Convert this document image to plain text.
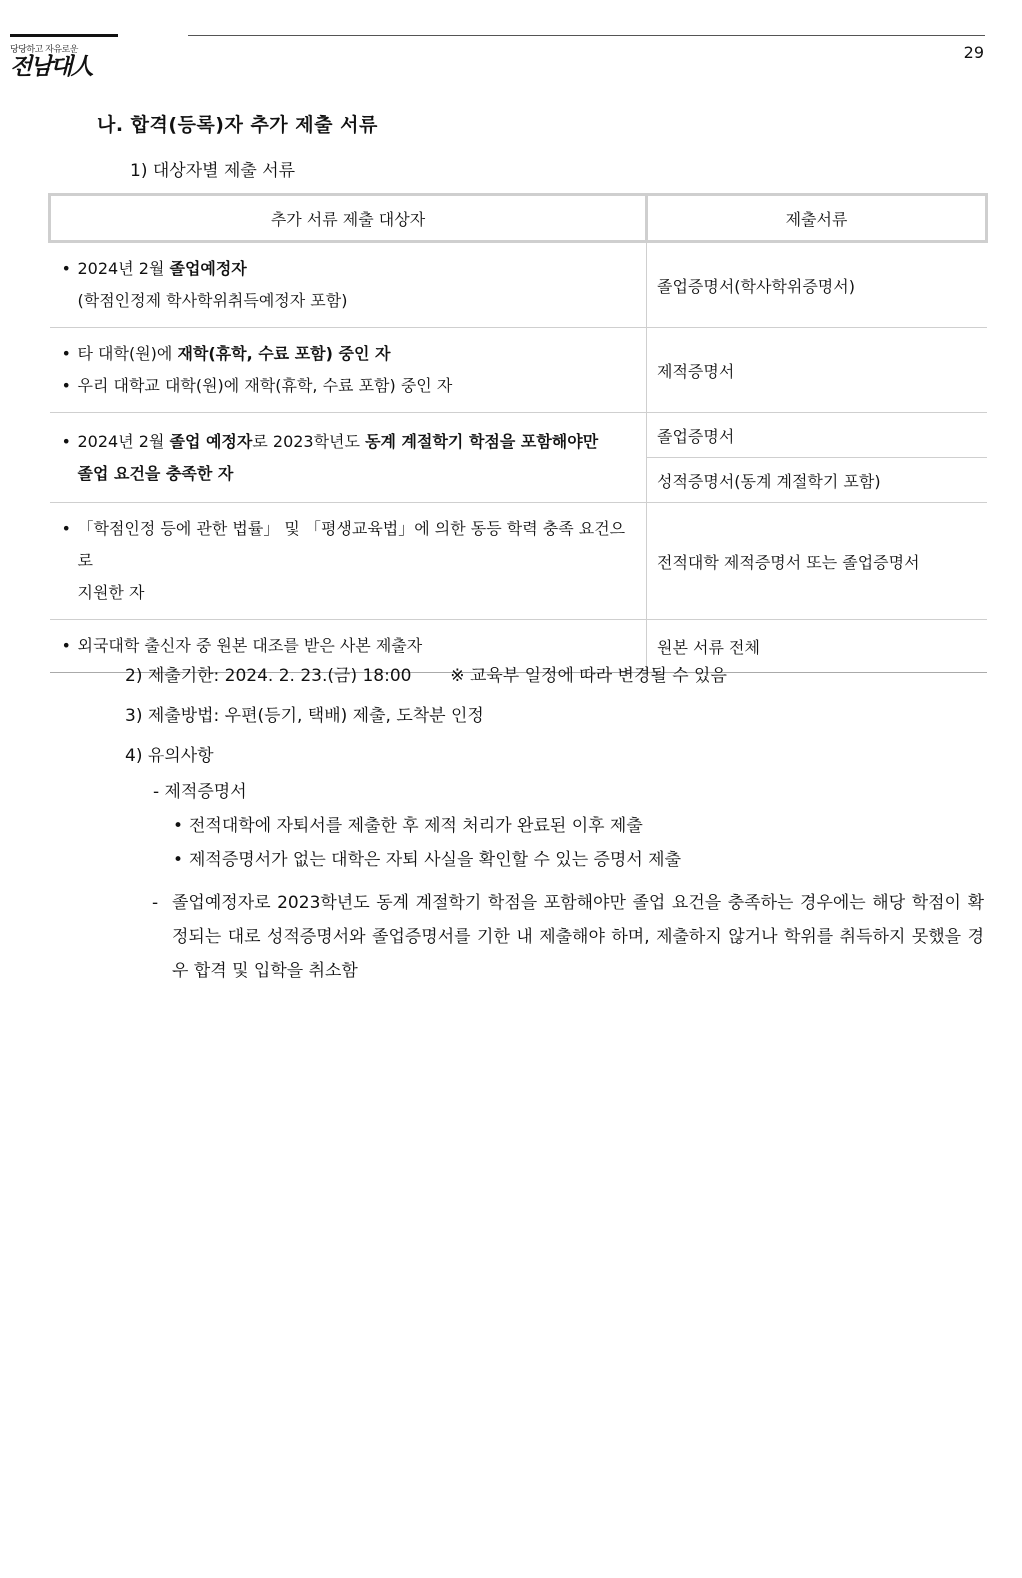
당당하고 자유로운
전남대人
29
나. 합격(등록)자 추가 제출 서류
1) 대상자별 제출 서류
추가 서류 제출 대상자	제출서류

• 2024년 2월 졸업예정자
(학점인정제 학사학위취득예정자 포함)	졸업증명서(학사학위증명서)

• 타 대학(원)에 재학(휴학, 수료 포함) 중인 자
• 우리 대학교 대학(원)에 재학(휴학, 수료 포함) 중인 자	제적증명서

• 2024년 2월 졸업 예정자로 2023학년도 동계 계절학기 학점을 포함해야만
졸업 요건을 충족한 자	졸업증명서
	성적증명서(동계 계절학기 포함)

• 「학점인정 등에 관한 법률」 및 「평생교육법」에 의한 동등 학력 충족 요건으로
지원한 자	전적대학 제적증명서 또는 졸업증명서

• 외국대학 출신자 중 원본 대조를 받은 사본 제출자	원본 서류 전체
2) 제출기한: 2024. 2. 23.(금) 18:00 ※ 교육부 일정에 따라 변경될 수 있음
3) 제출방법: 우편(등기, 택배) 제출, 도착분 인정
4) 유의사항
- 제적증명서
• 전적대학에 자퇴서를 제출한 후 제적 처리가 완료된 이후 제출
• 제적증명서가 없는 대학은 자퇴 사실을 확인할 수 있는 증명서 제출
- 졸업예정자로 2023학년도 동계 계절학기 학점을 포함해야만 졸업 요건을 충족하는 경우에는 해당 학점이 확정되는 대로 성적증명서와 졸업증명서를 기한 내 제출해야 하며, 제출하지 않거나 학위를 취득하지 못했을 경우 합격 및 입학을 취소함
